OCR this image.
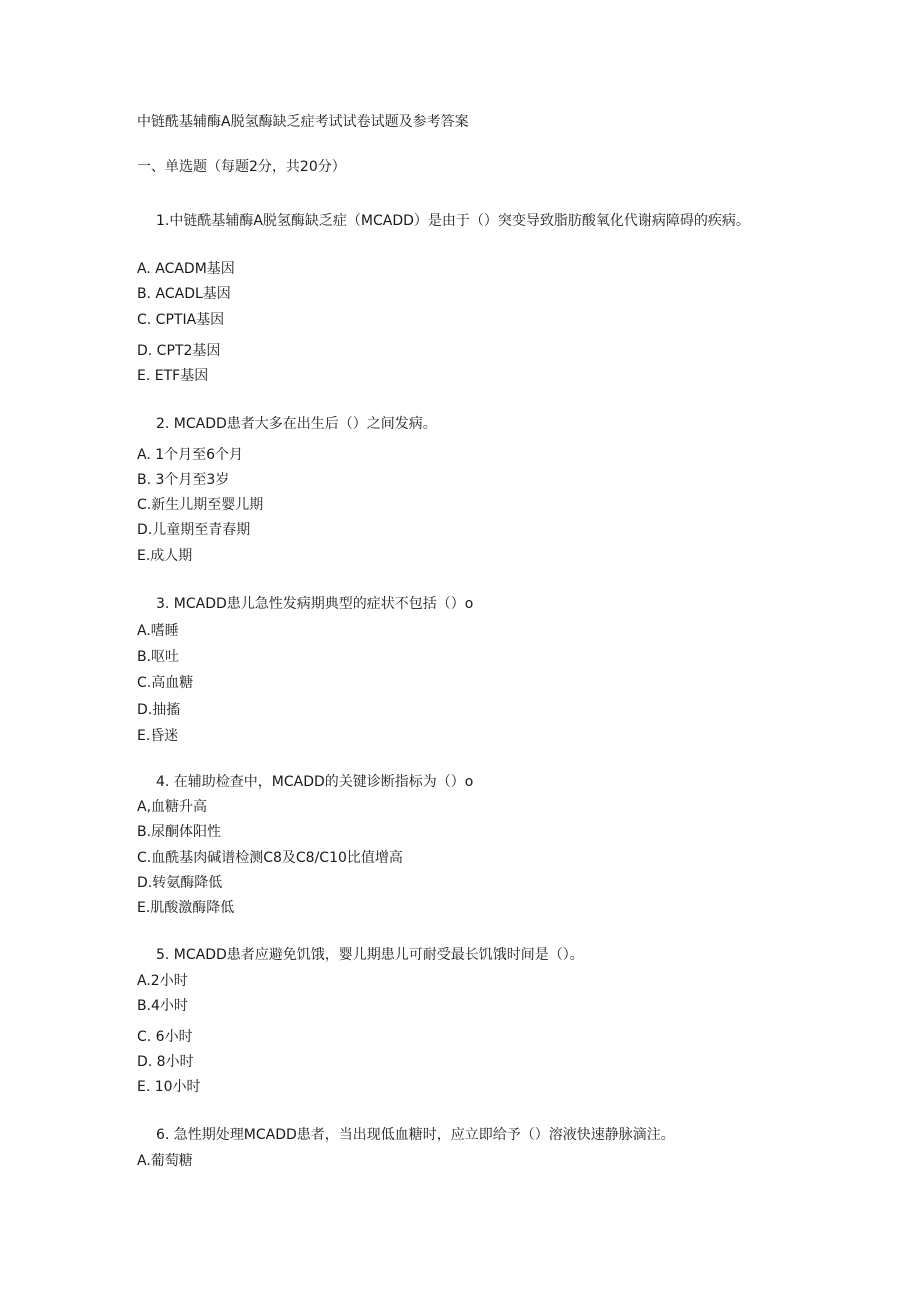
中链酰基辅酶A脱氢酶缺乏症考试试卷试题及参考答案
一、单选题（每题2分，共20分）
1.中链酰基辅酶A脱氢酶缺乏症（MCADD）是由于（）突变导致脂肪酸氧化代谢病障碍的疾病。
A. ACADM基因
B. ACADL基因
C. CPTIA基因
D. CPT2基因
E. ETF基因
2. MCADD患者大多在出生后（）之间发病。
A. 1个月至6个月
B. 3个月至3岁
C.新生儿期至婴儿期
D.儿童期至青春期
E.成人期
3. MCADD患儿急性发病期典型的症状不包括（）o
A.嗜睡
B.呕吐
C.高血糖
D.抽搐
E.昏迷
4. 在辅助检查中，MCADD的关键诊断指标为（）o
A,血糖升高
B.尿酮体阳性
C.血酰基肉碱谱检测C8及C8/C10比值增高
D.转氨酶降低
E.肌酸激酶降低
5. MCADD患者应避免饥饿，婴儿期患儿可耐受最长饥饿时间是（）。
A.2小时
B.4小时
C. 6小时
D. 8小时
E. 10小时
6. 急性期处理MCADD患者，当出现低血糖时，应立即给予（）溶液快速静脉滴注。
A.葡萄糖
